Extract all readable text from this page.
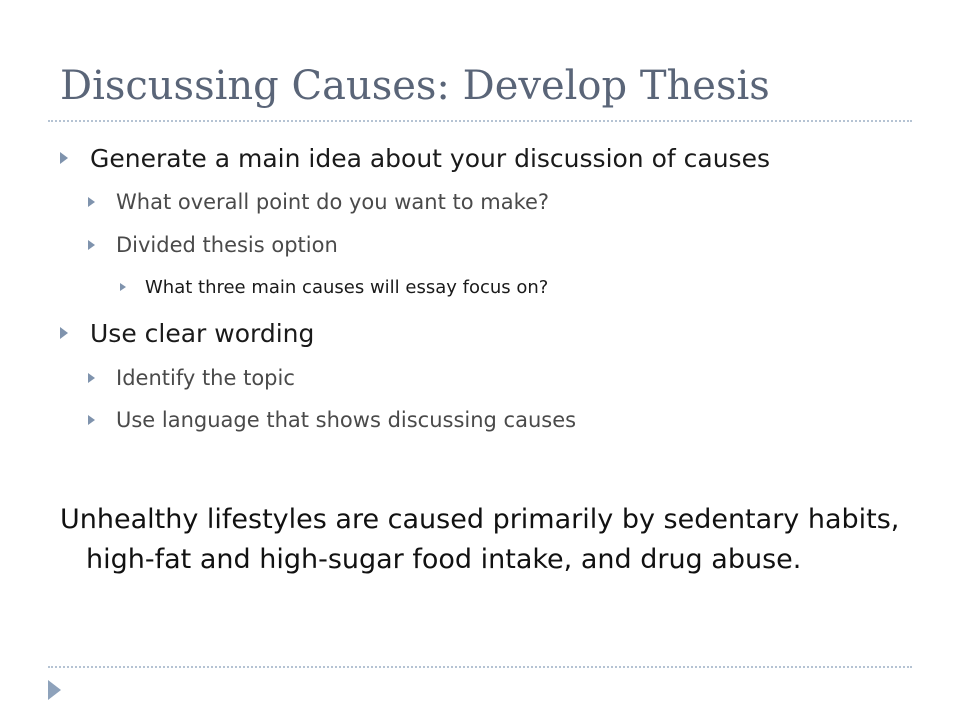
Discussing Causes: Develop Thesis
Generate a main idea about your discussion of causes
What overall point do you want to make?
Divided thesis option
What three main causes will essay focus on?
Use clear wording
Identify the topic
Use language that shows discussing causes
Unhealthy lifestyles are caused primarily by sedentary habits, high-fat and high-sugar food intake, and drug abuse.
